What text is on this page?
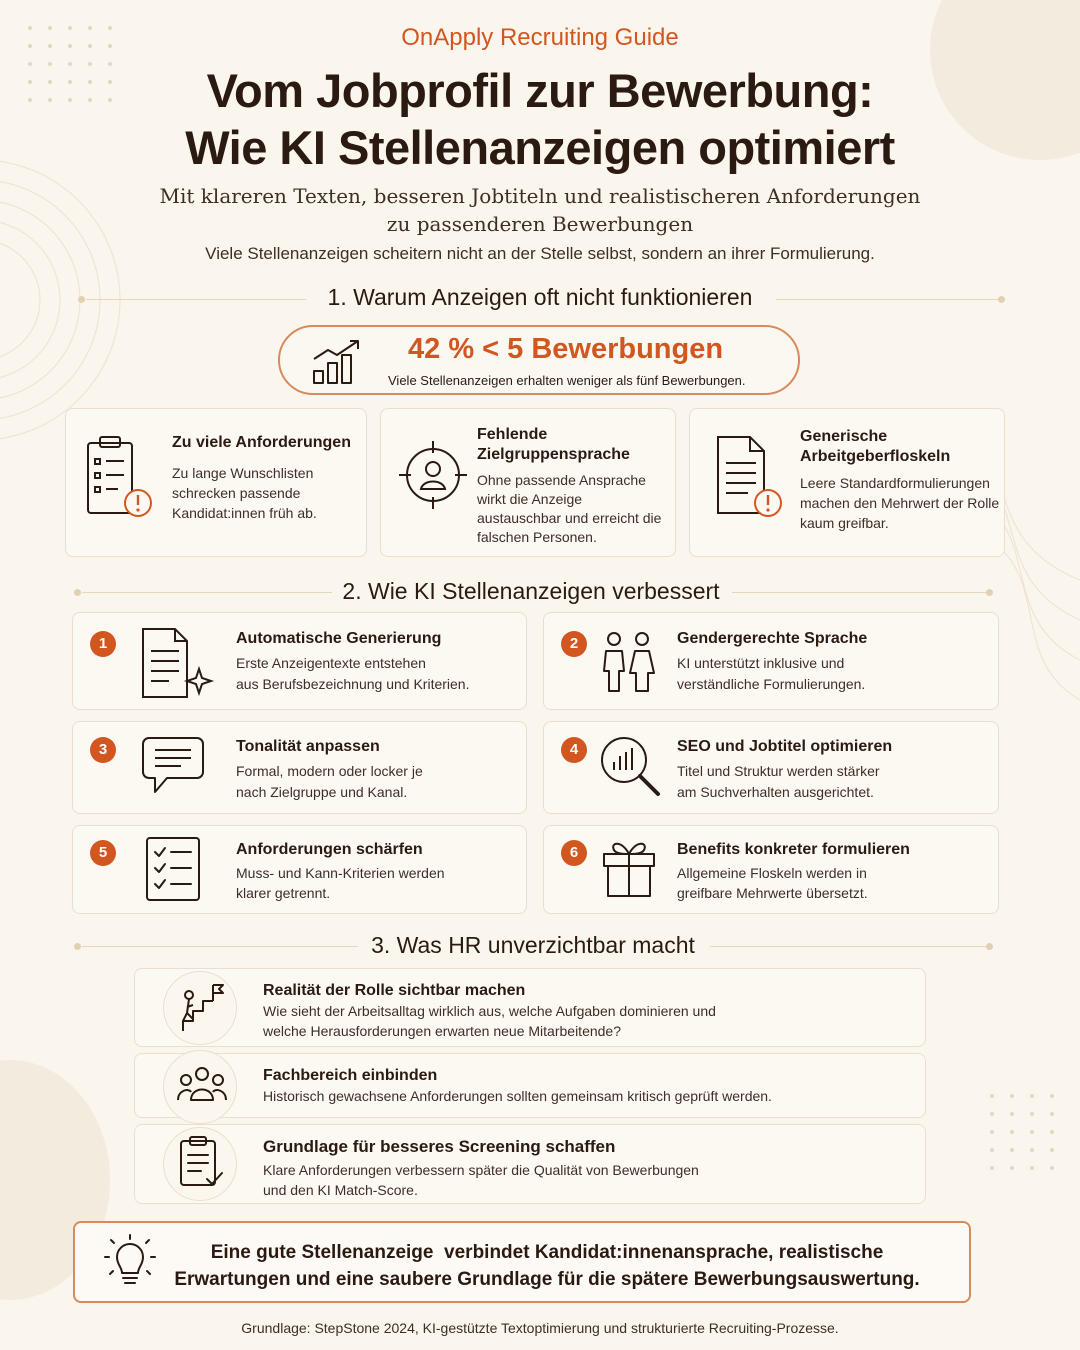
OnApply Recruiting Guide
Vom Jobprofil zur Bewerbung:
Wie KI Stellenanzeigen optimiert
Mit klareren Texten, besseren Jobtiteln und realistischeren Anforderungen
zu passenderen Bewerbungen
Viele Stellenanzeigen scheitern nicht an der Stelle selbst, sondern an ihrer Formulierung.
1. Warum Anzeigen oft nicht funktionieren
42 % < 5 Bewerbungen
Viele Stellenanzeigen erhalten weniger als fünf Bewerbungen.
Zu viele Anforderungen
Zu lange Wunschlisten schrecken passende Kandidat:innen früh ab.
Fehlende Zielgruppensprache
Ohne passende Ansprache wirkt die Anzeige austauschbar und erreicht die falschen Personen.
Generische Arbeitgeberfloskeln
Leere Standardformulierungen machen den Mehrwert der Rolle kaum greifbar.
2. Wie KI Stellenanzeigen verbessert
1	Automatische Generierung
Erste Anzeigentexte entstehen
aus Berufsbezeichnung und Kriterien.
2	Gendergerechte Sprache
KI unterstützt inklusive und
verständliche Formulierungen.
3	Tonalität anpassen
Formal, modern oder locker je
nach Zielgruppe und Kanal.
4	SEO und Jobtitel optimieren
Titel und Struktur werden stärker
am Suchverhalten ausgerichtet.
5	Anforderungen schärfen
Muss- und Kann-Kriterien werden
klarer getrennt.
6	Benefits konkreter formulieren
Allgemeine Floskeln werden in
greifbare Mehrwerte übersetzt.
3. Was HR unverzichtbar macht
Realität der Rolle sichtbar machen
Wie sieht der Arbeitsalltag wirklich aus, welche Aufgaben dominieren und
welche Herausforderungen erwarten neue Mitarbeitende?
Fachbereich einbinden
Historisch gewachsene Anforderungen sollten gemeinsam kritisch geprüft werden.
Grundlage für besseres Screening schaffen
Klare Anforderungen verbessern später die Qualität von Bewerbungen
und den KI Match-Score.
Eine gute Stellenanzeige  verbindet Kandidat:innenansprache, realistische
Erwartungen und eine saubere Grundlage für die spätere Bewerbungsauswertung.
Grundlage: StepStone 2024, KI-gestützte Textoptimierung und strukturierte Recruiting-Prozesse.
